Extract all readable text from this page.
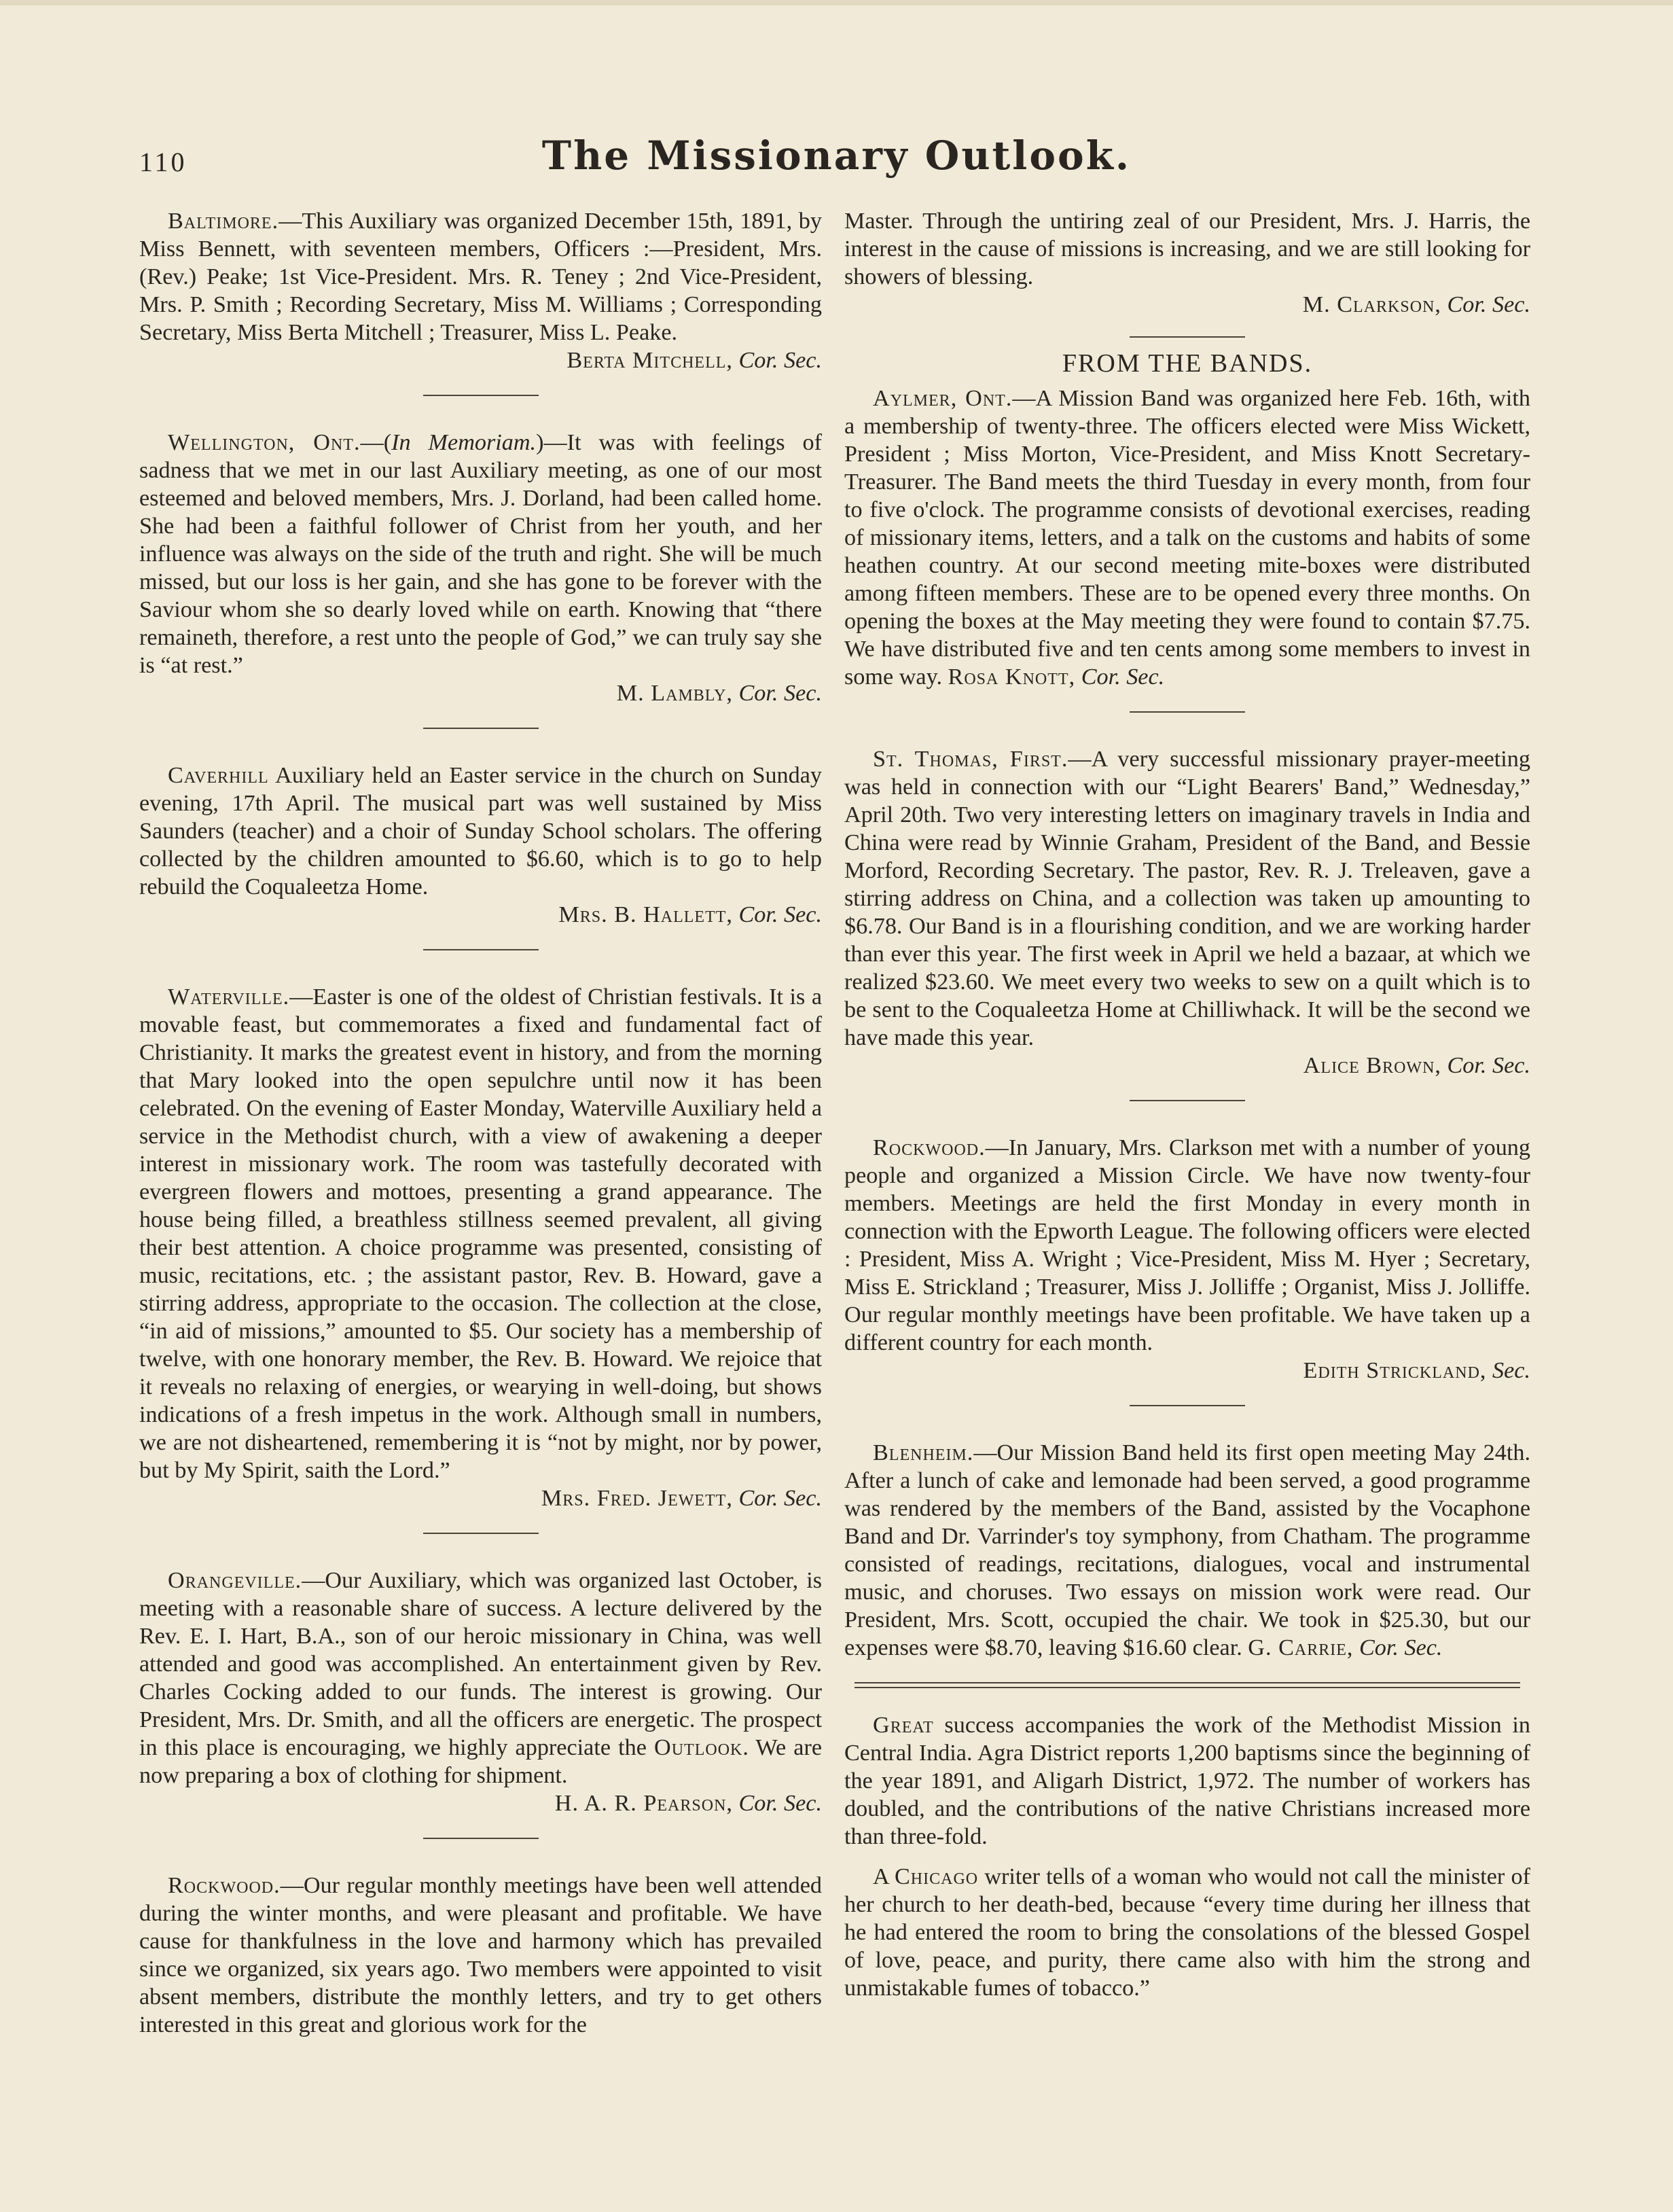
110	The Missionary Outlook.

Baltimore.—This Auxiliary was organized December 15th, 1891, by Miss Bennett, with seventeen members, Officers :—President, Mrs. (Rev.) Peake; 1st Vice-President. Mrs. R. Teney ; 2nd Vice-President, Mrs. P. Smith ; Recording Secretary, Miss M. Williams ; Corresponding Secretary, Miss Berta Mitchell ; Treasurer, Miss L. Peake.

Berta Mitchell, Cor. Sec.

Wellington, Ont.—(In Memoriam.)—It was with feelings of sadness that we met in our last Auxiliary meeting, as one of our most esteemed and beloved members, Mrs. J. Dorland, had been called home. She had been a faithful follower of Christ from her youth, and her influence was always on the side of the truth and right. She will be much missed, but our loss is her gain, and she has gone to be forever with the Saviour whom she so dearly loved while on earth. Knowing that “there remaineth, therefore, a rest unto the people of God,” we can truly say she is “at rest.”

M. Lambly, Cor. Sec.

Caverhill Auxiliary held an Easter service in the church on Sunday evening, 17th April. The musical part was well sustained by Miss Saunders (teacher) and a choir of Sunday School scholars. The offering collected by the children amounted to $6.60, which is to go to help rebuild the Coqualeetza Home.

Mrs. B. Hallett, Cor. Sec.

Waterville.—Easter is one of the oldest of Christian festivals. It is a movable feast, but commemorates a fixed and fundamental fact of Christianity. It marks the greatest event in history, and from the morning that Mary looked into the open sepulchre until now it has been celebrated. On the evening of Easter Monday, Waterville Auxiliary held a service in the Methodist church, with a view of awakening a deeper interest in missionary work. The room was tastefully decorated with evergreen flowers and mottoes, presenting a grand appearance. The house being filled, a breathless stillness seemed prevalent, all giving their best attention. A choice programme was presented, consisting of music, recitations, etc. ; the assistant pastor, Rev. B. Howard, gave a stirring address, appropriate to the occasion. The collection at the close, “in aid of missions,” amounted to $5. Our society has a membership of twelve, with one honorary member, the Rev. B. Howard. We rejoice that it reveals no relaxing of energies, or wearying in well-doing, but shows indications of a fresh impetus in the work. Although small in numbers, we are not disheartened, remembering it is “not by might, nor by power, but by My Spirit, saith the Lord.”

Mrs. Fred. Jewett, Cor. Sec.

Orangeville.—Our Auxiliary, which was organized last October, is meeting with a reasonable share of success. A lecture delivered by the Rev. E. I. Hart, B.A., son of our heroic missionary in China, was well attended and good was accomplished. An entertainment given by Rev. Charles Cocking added to our funds. The interest is growing. Our President, Mrs. Dr. Smith, and all the officers are energetic. The prospect in this place is encouraging, we highly appreciate the Outlook. We are now preparing a box of clothing for shipment.

H. A. R. Pearson, Cor. Sec.

Rockwood.—Our regular monthly meetings have been well attended during the winter months, and were pleasant and profitable. We have cause for thankfulness in the love and harmony which has prevailed since we organized, six years ago. Two members were appointed to visit absent members, distribute the monthly letters, and try to get others interested in this great and glorious work for the

Master. Through the untiring zeal of our President, Mrs. J. Harris, the interest in the cause of missions is increasing, and we are still looking for showers of blessing.

M. Clarkson, Cor. Sec.

FROM THE BANDS.

Aylmer, Ont.—A Mission Band was organized here Feb. 16th, with a membership of twenty-three. The officers elected were Miss Wickett, President ; Miss Morton, Vice-President, and Miss Knott Secretary-Treasurer. The Band meets the third Tuesday in every month, from four to five o'clock. The programme consists of devotional exercises, reading of missionary items, letters, and a talk on the customs and habits of some heathen country. At our second meeting mite-boxes were distributed among fifteen members. These are to be opened every three months. On opening the boxes at the May meeting they were found to contain $7.75. We have distributed five and ten cents among some members to invest in some way. Rosa Knott, Cor. Sec.

St. Thomas, First.—A very successful missionary prayer-meeting was held in connection with our “Light Bearers' Band,” Wednesday,” April 20th. Two very interesting letters on imaginary travels in India and China were read by Winnie Graham, President of the Band, and Bessie Morford, Recording Secretary. The pastor, Rev. R. J. Treleaven, gave a stirring address on China, and a collection was taken up amounting to $6.78. Our Band is in a flourishing condition, and we are working harder than ever this year. The first week in April we held a bazaar, at which we realized $23.60. We meet every two weeks to sew on a quilt which is to be sent to the Coqualeetza Home at Chilliwhack. It will be the second we have made this year.

Alice Brown, Cor. Sec.

Rockwood.—In January, Mrs. Clarkson met with a number of young people and organized a Mission Circle. We have now twenty-four members. Meetings are held the first Monday in every month in connection with the Epworth League. The following officers were elected : President, Miss A. Wright ; Vice-President, Miss M. Hyer ; Secretary, Miss E. Strickland ; Treasurer, Miss J. Jolliffe ; Organist, Miss J. Jolliffe. Our regular monthly meetings have been profitable. We have taken up a different country for each month.

Edith Strickland, Sec.

Blenheim.—Our Mission Band held its first open meeting May 24th. After a lunch of cake and lemonade had been served, a good programme was rendered by the members of the Band, assisted by the Vocaphone Band and Dr. Varrinder's toy symphony, from Chatham. The programme consisted of readings, recitations, dialogues, vocal and instrumental music, and choruses. Two essays on mission work were read. Our President, Mrs. Scott, occupied the chair. We took in $25.30, but our expenses were $8.70, leaving $16.60 clear. G. Carrie, Cor. Sec.

Great success accompanies the work of the Methodist Mission in Central India. Agra District reports 1,200 baptisms since the beginning of the year 1891, and Aligarh District, 1,972. The number of workers has doubled, and the contributions of the native Christians increased more than three-fold.

A Chicago writer tells of a woman who would not call the minister of her church to her death-bed, because “every time during her illness that he had entered the room to bring the consolations of the blessed Gospel of love, peace, and purity, there came also with him the strong and unmistakable fumes of tobacco.”
